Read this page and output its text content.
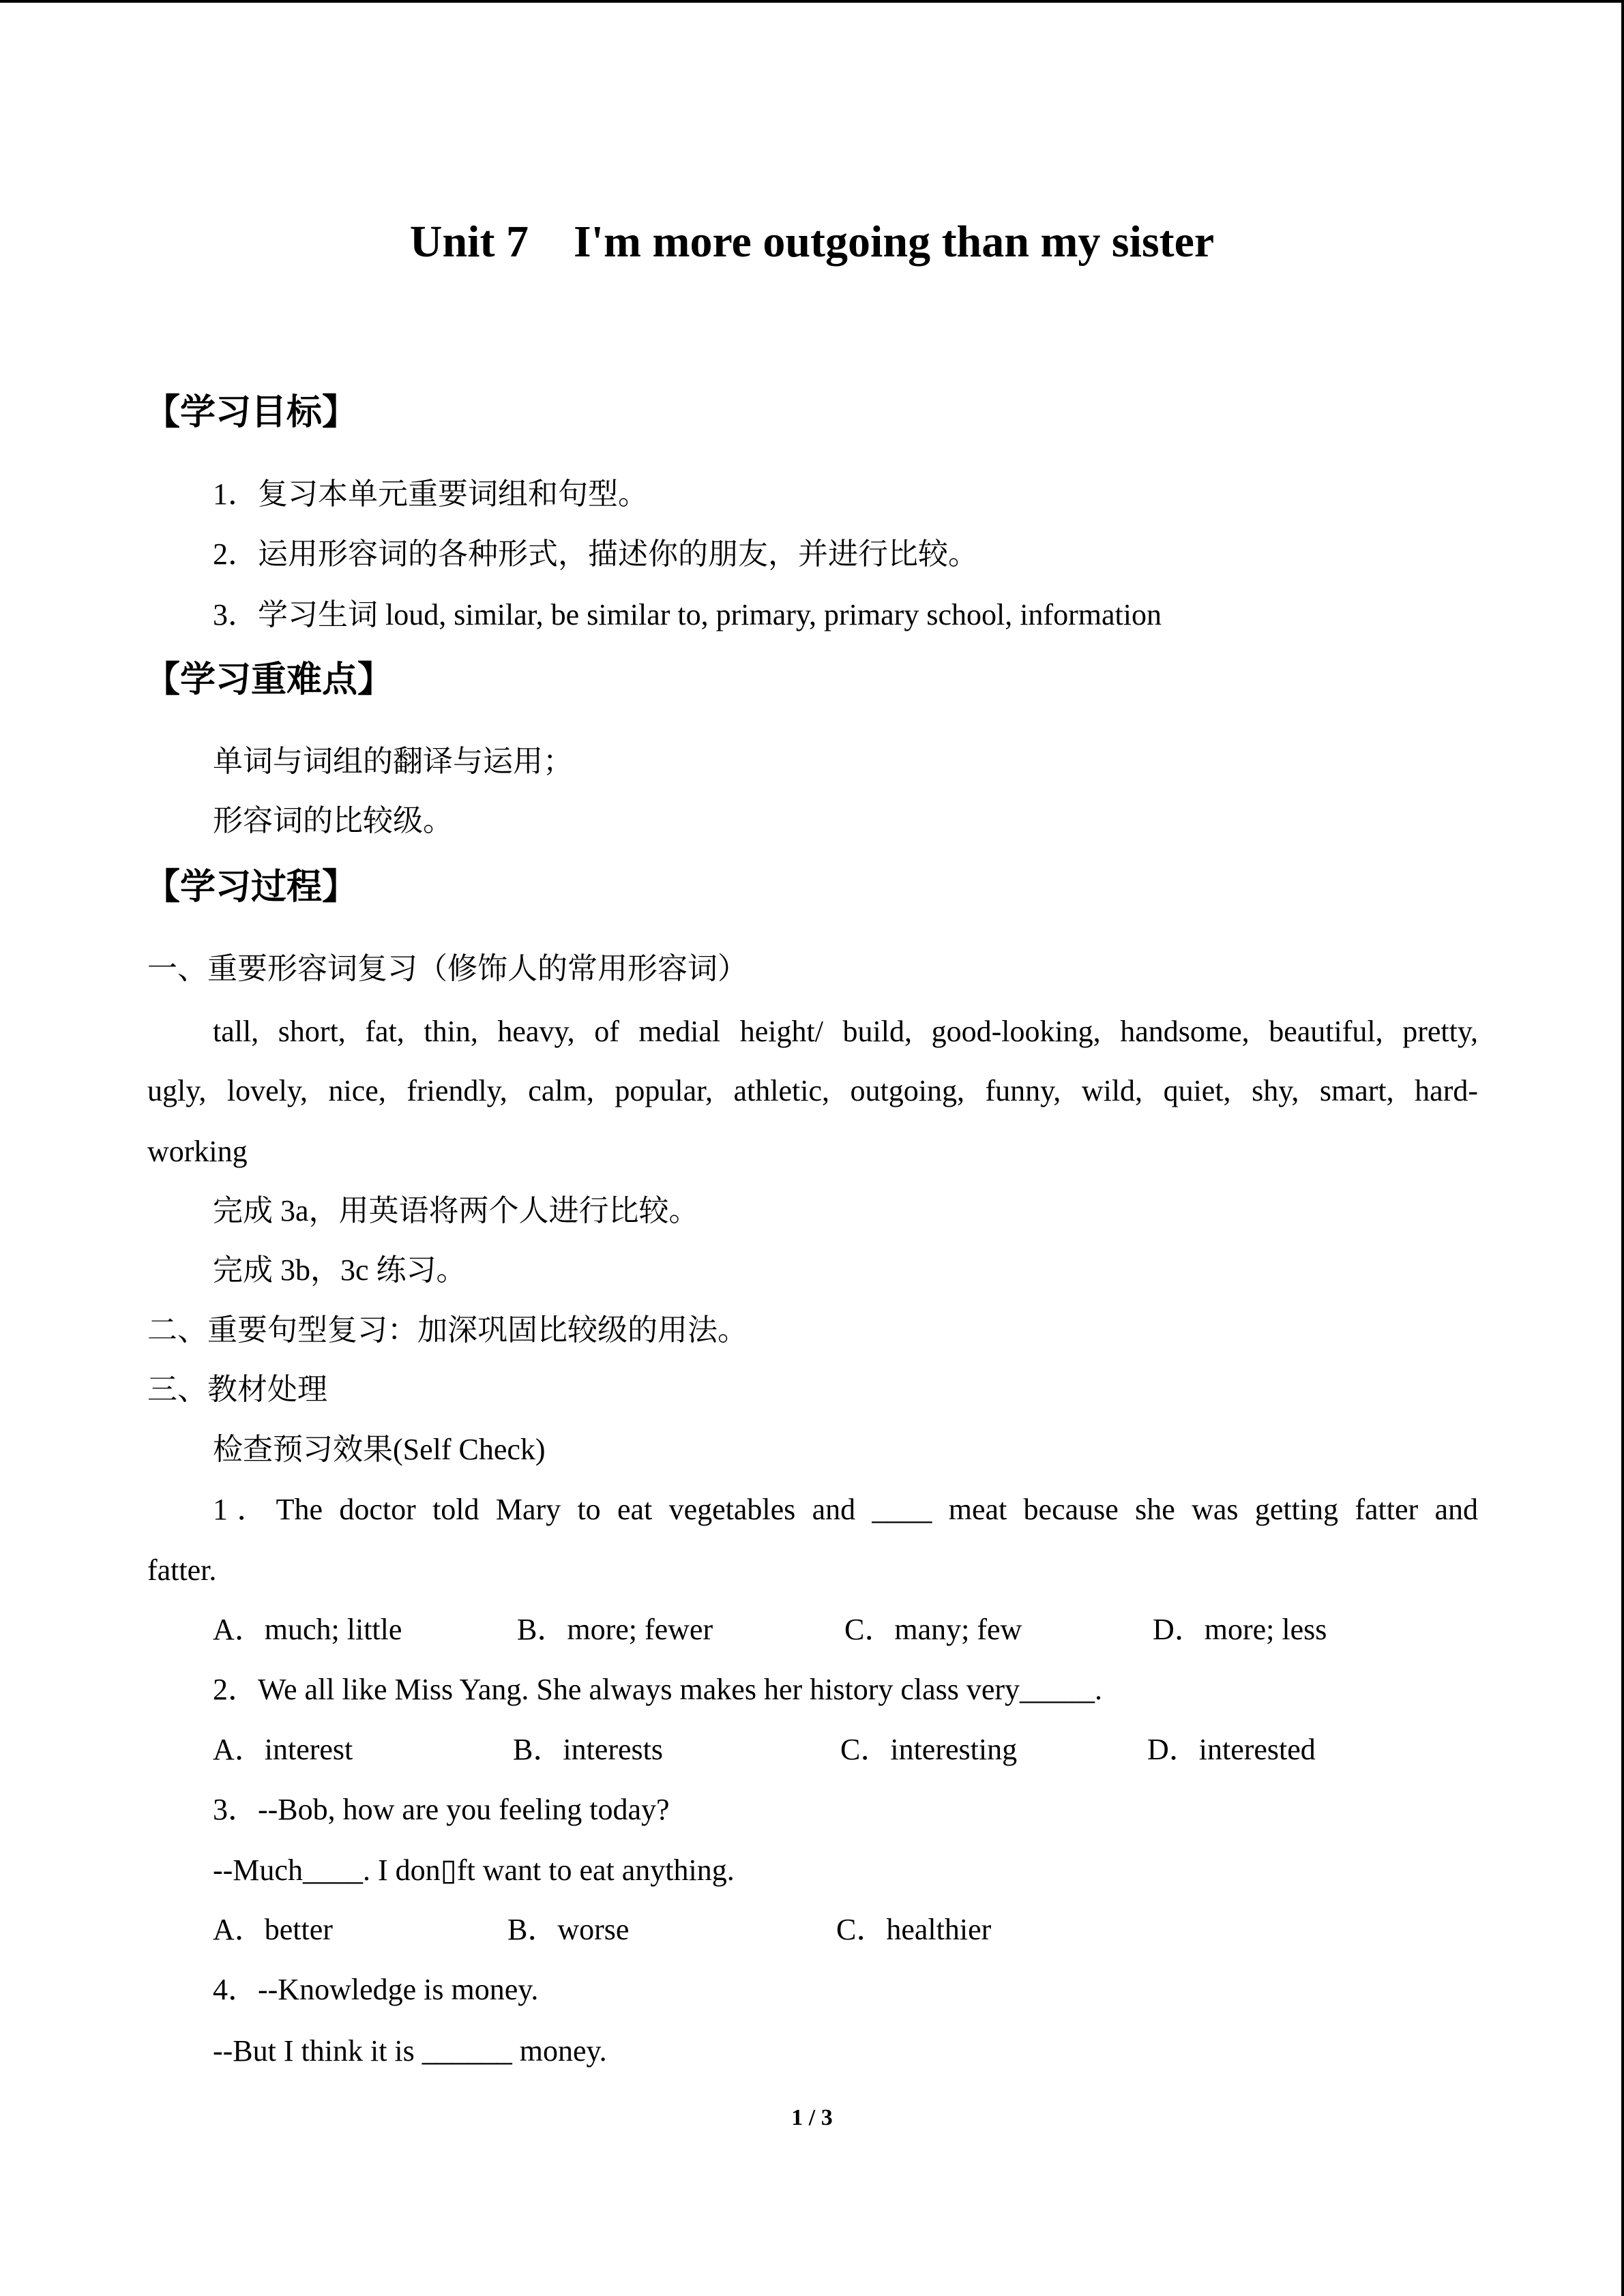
Unit 7    I'm more outgoing than my sister
【学习目标】
1．复习本单元重要词组和句型。
2．运用形容词的各种形式，描述你的朋友，并进行比较。
3．学习生词 loud, similar, be similar to, primary, primary school, information
【学习重难点】
单词与词组的翻译与运用；
形容词的比较级。
【学习过程】
一、重要形容词复习（修饰人的常用形容词）
tall, short, fat, thin, heavy, of medial height/ build, good-looking, handsome, beautiful, pretty,
ugly, lovely, nice, friendly, calm, popular, athletic, outgoing, funny, wild, quiet, shy, smart, hard-
working
完成 3a，用英语将两个人进行比较。
完成 3b，3c 练习。
二、重要句型复习：加深巩固比较级的用法。
三、教材处理
检查预习效果(Self Check)
1．The doctor told Mary to eat vegetables and ____ meat because she was getting fatter and
fatter.
A．much; little	B．more; fewer	C．many; few	D．more; less
2．We all like Miss Yang. She always makes her history class very_____.
A．interest	B．interests	C．interesting	D．interested
3．--Bob, how are you feeling today?
--Much____. I don▯ft want to eat anything.
A．better	B．worse	C．healthier
4．--Knowledge is money.
--But I think it is ______ money.
1 / 3
